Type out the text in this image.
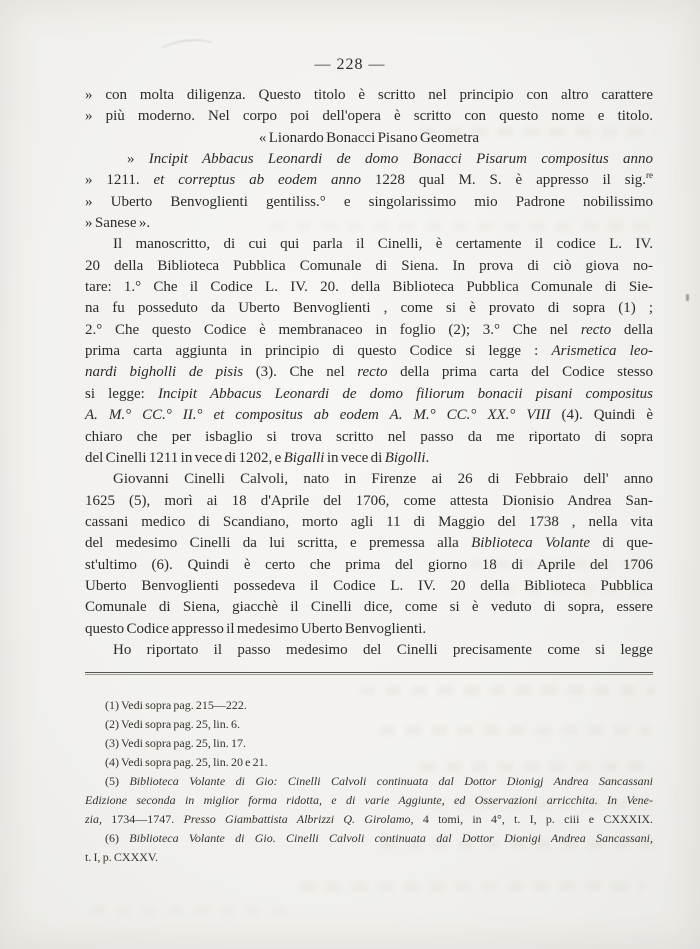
— 228 —
» con molta diligenza. Questo titolo è scritto nel principio con altro carattere
» più moderno. Nel corpo poi dell'opera è scritto con questo nome e titolo.
« Lionardo Bonacci Pisano Geometra
» Incipit Abbacus Leonardi de domo Bonacci Pisarum compositus anno
» 1211. et correptus ab eodem anno 1228 qual M. S. è appresso il sig.$^{re}$
» Uberto Benvoglienti gentiliss.° e singolarissimo mio Padrone nobilissimo
» Sanese ».
Il manoscritto, di cui qui parla il Cinelli, è certamente il codice L. IV.
20 della Biblioteca Pubblica Comunale di Siena. In prova di ciò giova no-
tare: 1.° Che il Codice L. IV. 20. della Biblioteca Pubblica Comunale di Sie-
na fu posseduto da Uberto Benvoglienti , come si è provato di sopra (1) ;
2.° Che questo Codice è membranaceo in foglio (2); 3.° Che nel recto della
prima carta aggiunta in principio di questo Codice si legge : Arismetica leo-
nardi bigholli de pisis (3). Che nel recto della prima carta del Codice stesso
si legge: Incipit Abbacus Leonardi de domo filiorum bonacii pisani compositus
A. M.° CC.° II.° et compositus ab eodem A. M.° CC.° XX.° VIII (4). Quindi è
chiaro che per isbaglio si trova scritto nel passo da me riportato di sopra
del Cinelli 1211 in vece di 1202, e Bigalli in vece di Bigolli.
Giovanni Cinelli Calvoli, nato in Firenze ai 26 di Febbraio dell' anno
1625 (5), morì ai 18 d'Aprile del 1706, come attesta Dionisio Andrea San-
cassani medico di Scandiano, morto agli 11 di Maggio del 1738 , nella vita
del medesimo Cinelli da lui scritta, e premessa alla Biblioteca Volante di que-
st'ultimo (6). Quindi è certo che prima del giorno 18 di Aprile del 1706
Uberto Benvoglienti possedeva il Codice L. IV. 20 della Biblioteca Pubblica
Comunale di Siena, giacchè il Cinelli dice, come si è veduto di sopra, essere
questo Codice appresso il medesimo Uberto Benvoglienti.
Ho riportato il passo medesimo del Cinelli precisamente come si legge
(1) Vedi sopra pag. 215—222.
(2) Vedi sopra pag. 25, lin. 6.
(3) Vedi sopra pag. 25, lin. 17.
(4) Vedi sopra pag. 25, lin. 20 e 21.
(5) Biblioteca Volante di Gio: Cinelli Calvoli continuata dal Dottor Dionigj Andrea Sancassani
Edizione seconda in miglior forma ridotta, e di varie Aggiunte, ed Osservazioni arricchita. In Vene-
zia, 1734—1747. Presso Giambattista Albrizzi Q. Girolamo, 4 tomi, in 4°, t. I, p. ciii e CXXXIX.
(6) Biblioteca Volante di Gio. Cinelli Calvoli continuata dal Dottor Dionigi Andrea Sancassani,
t. I, p. CXXXV.
